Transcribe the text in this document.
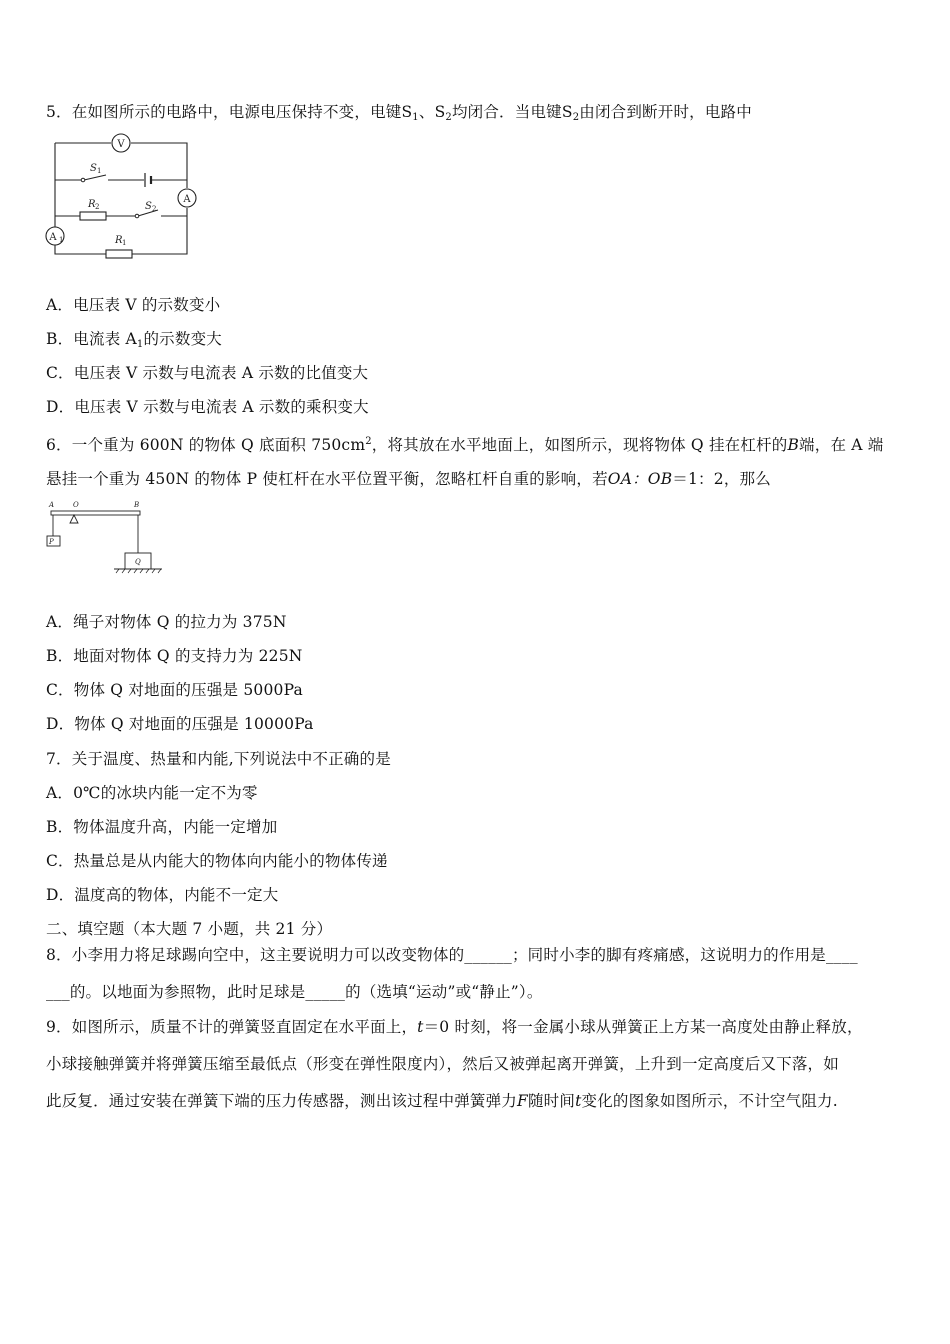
5．在如图所示的电路中，电源电压保持不变，电键$S_1$、$S_2$均闭合．当电键$S_2$由闭合到断开时，电路中
V
A
A 1
S 1
R 2	S 2
R 1
A．电压表 V 的示数变小
B．电流表 $A_1$的示数变大
C．电压表 V 示数与电流表 A 示数的比值变大
D．电压表 V 示数与电流表 A 示数的乘积变大
6．一个重为 600N 的物体 Q 底面积 $750cm^2$，将其放在水平地面上，如图所示，现将物体 Q 挂在杠杆的B端，在 A 端
悬挂一个重为 450N 的物体 P 使杠杆在水平位置平衡，忽略杠杆自重的影响，若OA：OB＝1：2，那么
A	O	B
P
Q
A．绳子对物体 Q 的拉力为 375N
B．地面对物体 Q 的支持力为 225N
C．物体 Q 对地面的压强是 5000Pa
D．物体 Q 对地面的压强是 10000Pa
7．关于温度、热量和内能,下列说法中不正确的是
A．0℃的冰块内能一定不为零
B．物体温度升高，内能一定增加
C．热量总是从内能大的物体向内能小的物体传递
D．温度高的物体，内能不一定大
二、填空题（本大题 7 小题，共 21 分）
8．小李用力将足球踢向空中，这主要说明力可以改变物体的______；同时小李的脚有疼痛感，这说明力的作用是____
___的。以地面为参照物，此时足球是_____的（选填“运动”或“静止”）。
9．如图所示，质量不计的弹簧竖直固定在水平面上，t＝0 时刻，将一金属小球从弹簧正上方某一高度处由静止释放，
小球接触弹簧并将弹簧压缩至最低点（形变在弹性限度内），然后又被弹起离开弹簧，上升到一定高度后又下落，如
此反复．通过安装在弹簧下端的压力传感器，测出该过程中弹簧弹力F随时间t变化的图象如图所示，不计空气阻力.
